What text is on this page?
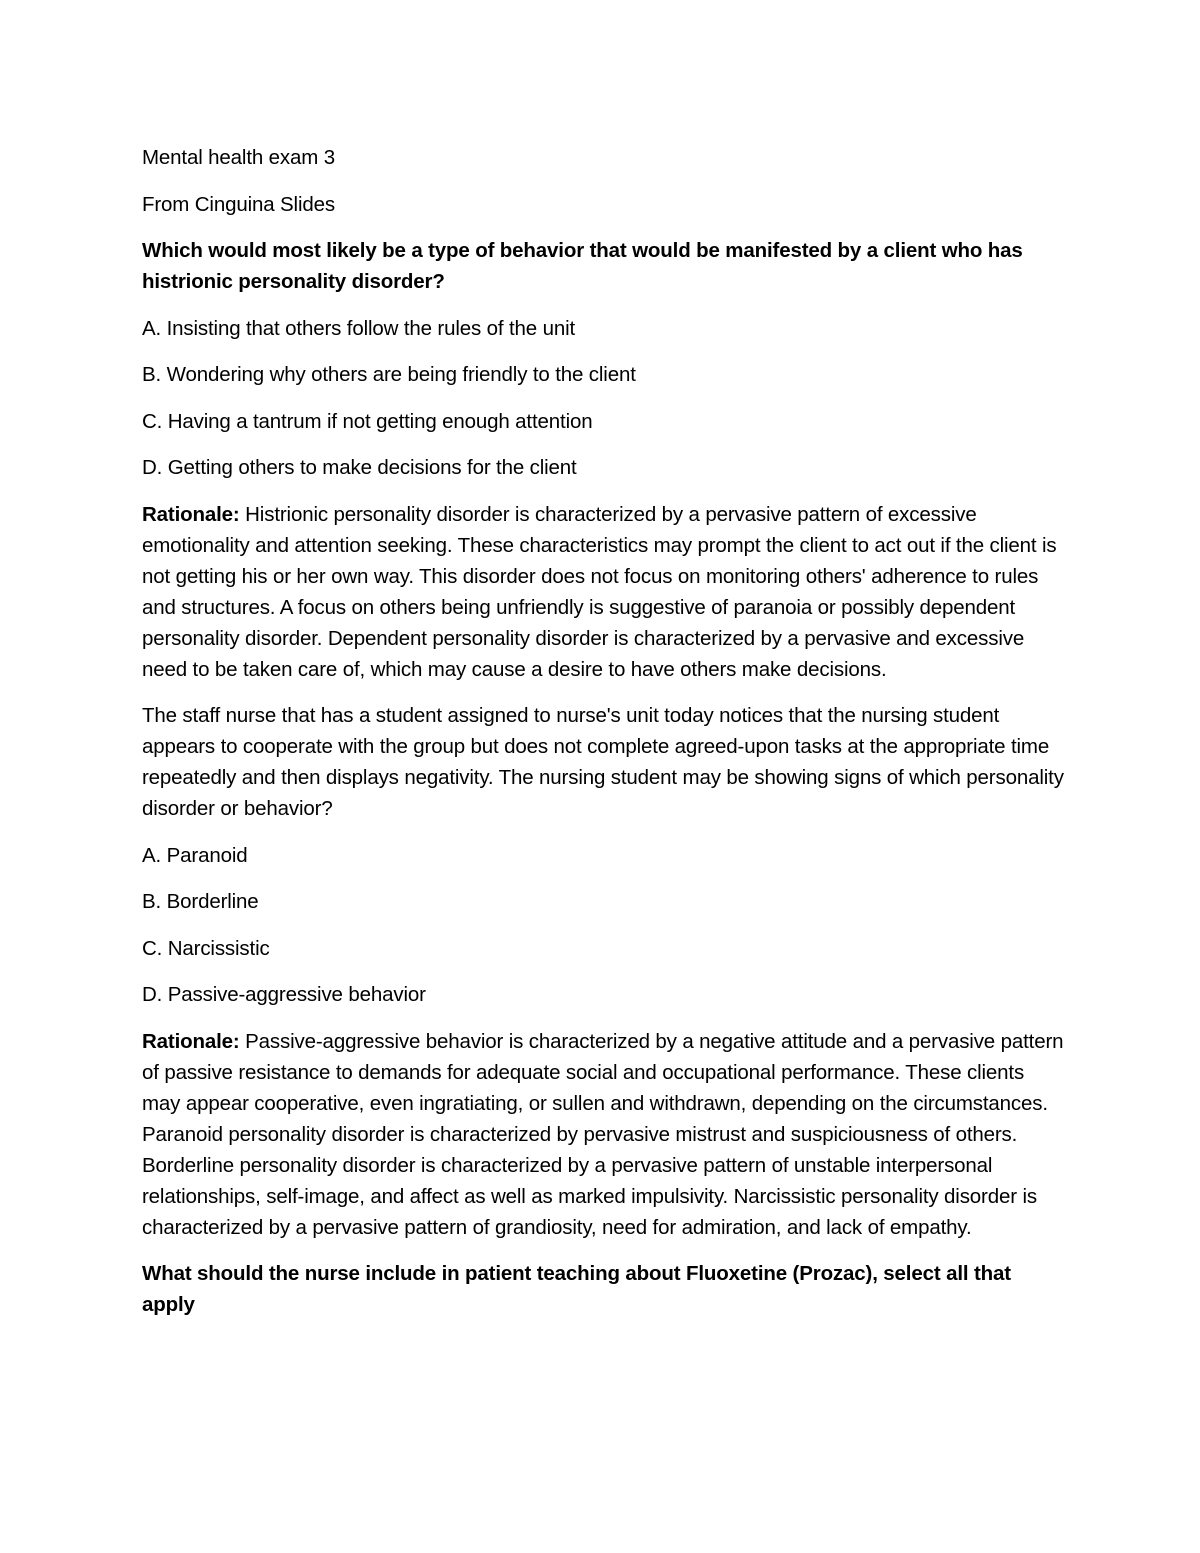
Mental health exam 3

From Cinguina Slides

Which would most likely be a type of behavior that would be manifested by a client who has histrionic personality disorder?

A. Insisting that others follow the rules of the unit

B. Wondering why others are being friendly to the client

C. Having a tantrum if not getting enough attention

D. Getting others to make decisions for the client

Rationale: Histrionic personality disorder is characterized by a pervasive pattern of excessive emotionality and attention seeking. These characteristics may prompt the client to act out if the client is not getting his or her own way. This disorder does not focus on monitoring others' adherence to rules and structures. A focus on others being unfriendly is suggestive of paranoia or possibly dependent personality disorder. Dependent personality disorder is characterized by a pervasive and excessive need to be taken care of, which may cause a desire to have others make decisions.

The staff nurse that has a student assigned to nurse's unit today notices that the nursing student appears to cooperate with the group but does not complete agreed-upon tasks at the appropriate time repeatedly and then displays negativity. The nursing student may be showing signs of which personality disorder or behavior?

A. Paranoid

B. Borderline

C. Narcissistic

D. Passive-aggressive behavior

Rationale: Passive-aggressive behavior is characterized by a negative attitude and a pervasive pattern of passive resistance to demands for adequate social and occupational performance. These clients may appear cooperative, even ingratiating, or sullen and withdrawn, depending on the circumstances. Paranoid personality disorder is characterized by pervasive mistrust and suspiciousness of others. Borderline personality disorder is characterized by a pervasive pattern of unstable interpersonal relationships, self-image, and affect as well as marked impulsivity. Narcissistic personality disorder is characterized by a pervasive pattern of grandiosity, need for admiration, and lack of empathy.

What should the nurse include in patient teaching about Fluoxetine (Prozac), select all that apply
